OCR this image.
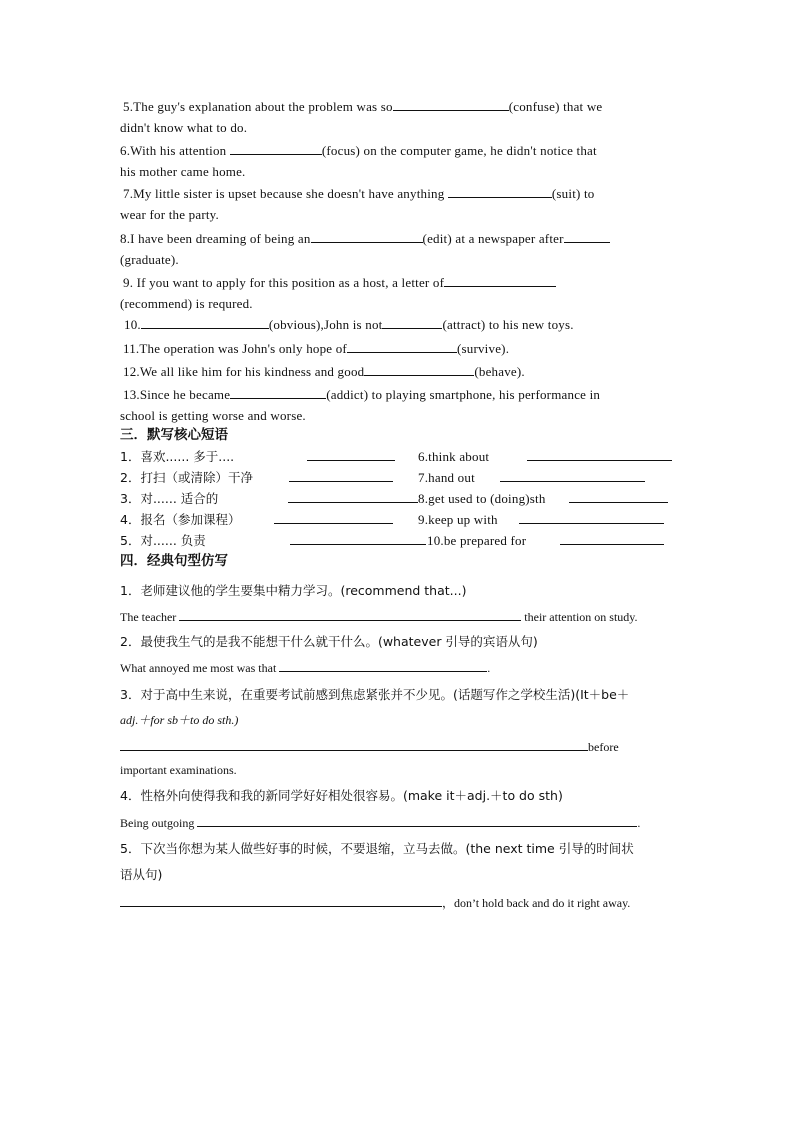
5.The guy's explanation about the problem was so	(confuse) that we
didn't know what to do.
6.With his attention	(focus) on the computer game, he didn't notice that
his mother came home.
7.My little sister is upset because she doesn't have anything	(suit) to
wear for the party.
8.I have been dreaming of being an	(edit) at a newspaper after
(graduate).
9. If you want to apply for this position as a host, a letter of
(recommend) is requred.
10.	(obvious),John is not	(attract) to his new toys.
11.The operation was John's only hope of	(survive).
12.We all like him for his kindness and good	(behave).
13.Since he became	(addict) to playing smartphone, his performance in
school is getting worse and worse.
三．默写核心短语
1．喜欢...... 多于....	6.think about
2．打扫（或清除）干净	7.hand out
3．对...... 适合的	8.get used to (doing)sth
4．报名（参加课程）	9.keep up with
5．对...... 负责	10.be prepared for
四．经典句型仿写
1．老师建议他的学生要集中精力学习。(recommend that...)
The teacher	their attention on study.
2．最使我生气的是我不能想干什么就干什么。(whatever 引导的宾语从句)
What annoyed me most was that	.
3．对于高中生来说，在重要考试前感到焦虑紧张并不少见。(话题写作之学校生活)(It＋be＋
adj.＋for sb＋to do sth.)
before
important examinations.
4．性格外向使得我和我的新同学好好相处很容易。(make it＋adj.＋to do sth)
Being outgoing	.
5．下次当你想为某人做些好事的时候，不要退缩，立马去做。(the next time 引导的时间状
语从句)
，don’t hold back and do it right away.
